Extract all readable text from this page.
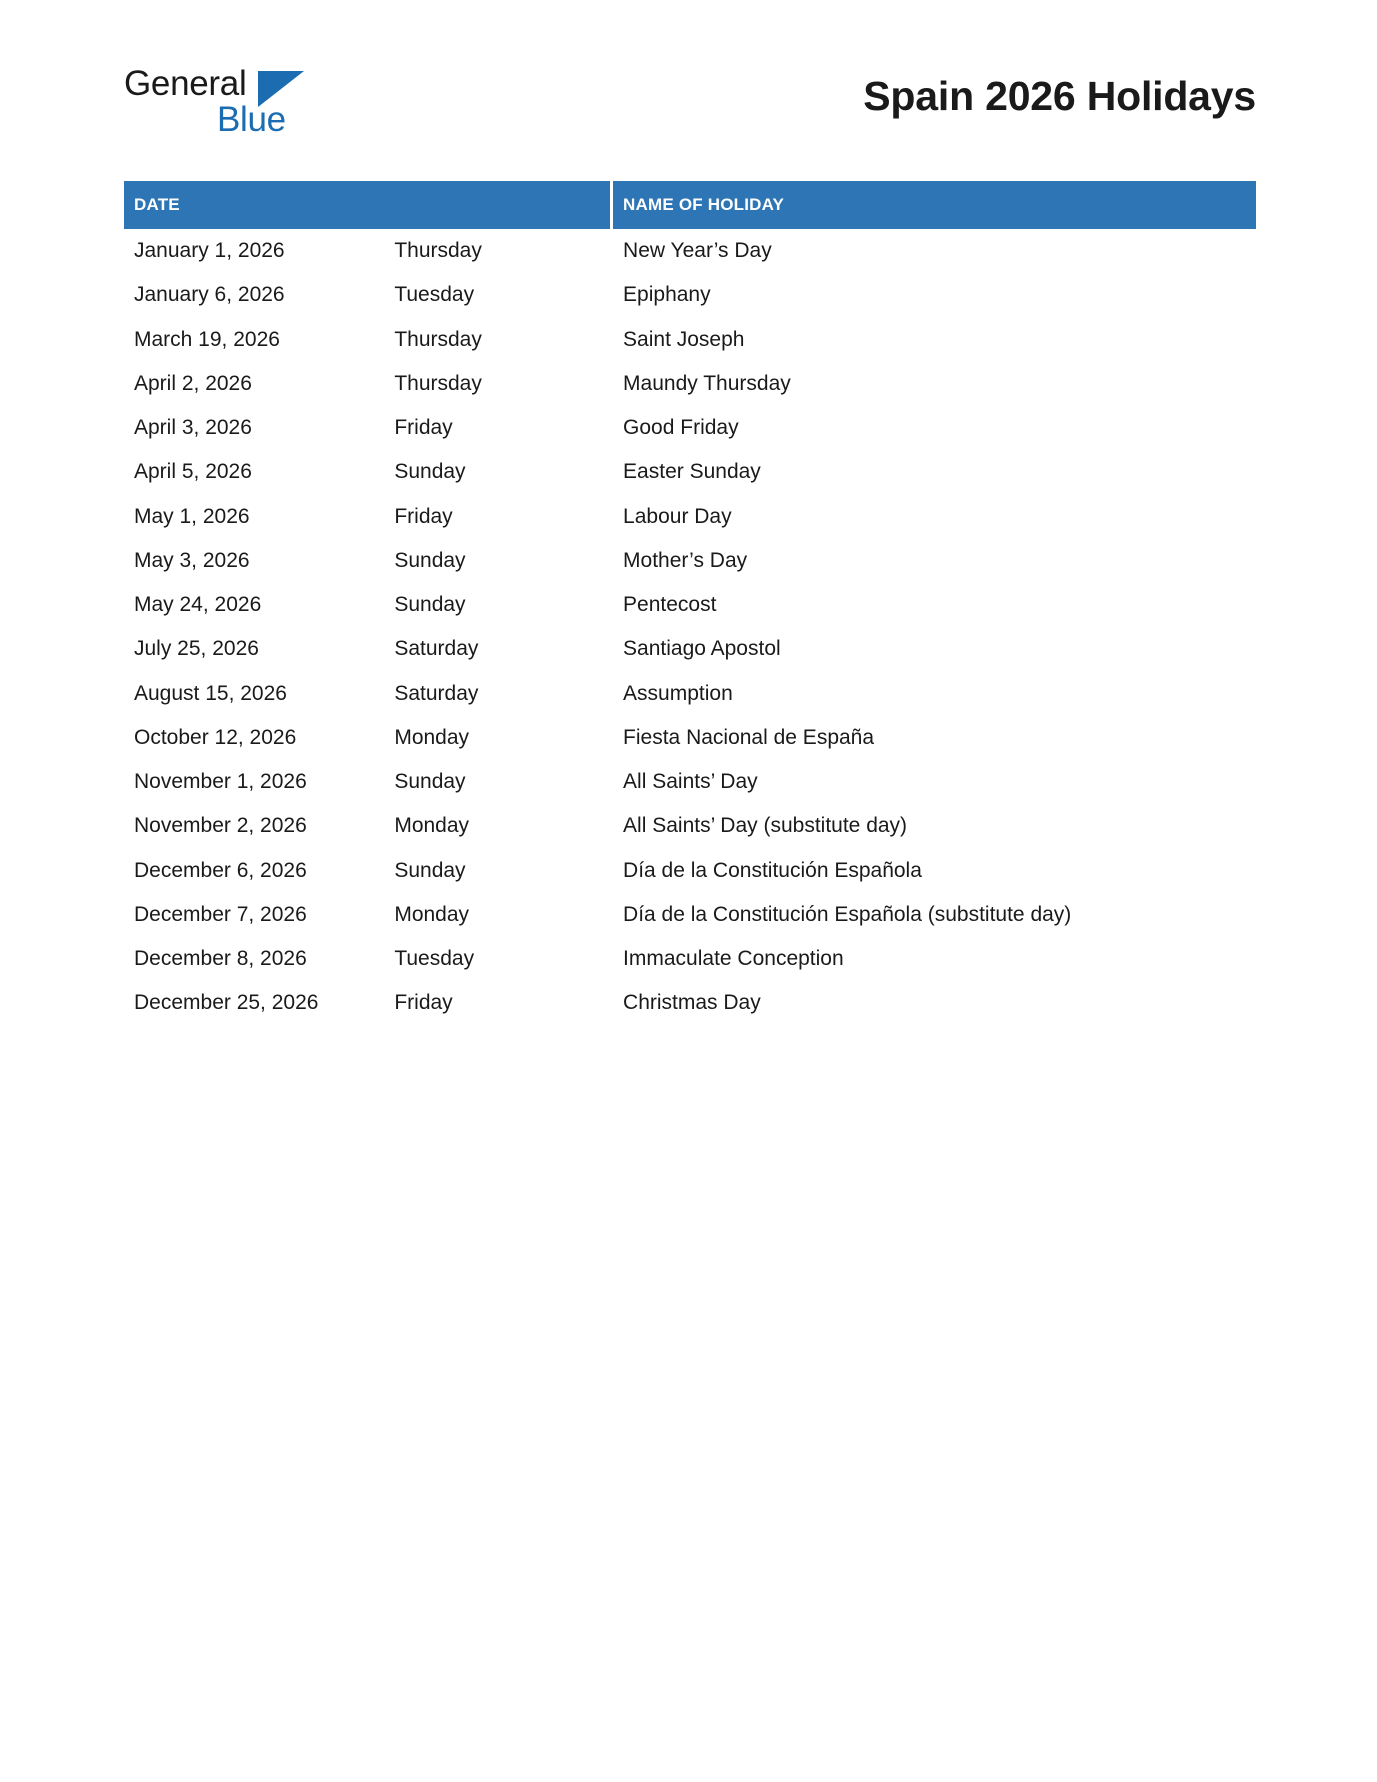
General
Blue
Spain 2026 Holidays
DATE		NAME OF HOLIDAY
January 1, 2026	Thursday	New Year’s Day
January 6, 2026	Tuesday	Epiphany
March 19, 2026	Thursday	Saint Joseph
April 2, 2026	Thursday	Maundy Thursday
April 3, 2026	Friday	Good Friday
April 5, 2026	Sunday	Easter Sunday
May 1, 2026	Friday	Labour Day
May 3, 2026	Sunday	Mother’s Day
May 24, 2026	Sunday	Pentecost
July 25, 2026	Saturday	Santiago Apostol
August 15, 2026	Saturday	Assumption
October 12, 2026	Monday	Fiesta Nacional de España
November 1, 2026	Sunday	All Saints’ Day
November 2, 2026	Monday	All Saints’ Day (substitute day)
December 6, 2026	Sunday	Día de la Constitución Española
December 7, 2026	Monday	Día de la Constitución Española (substitute day)
December 8, 2026	Tuesday	Immaculate Conception
December 25, 2026	Friday	Christmas Day
